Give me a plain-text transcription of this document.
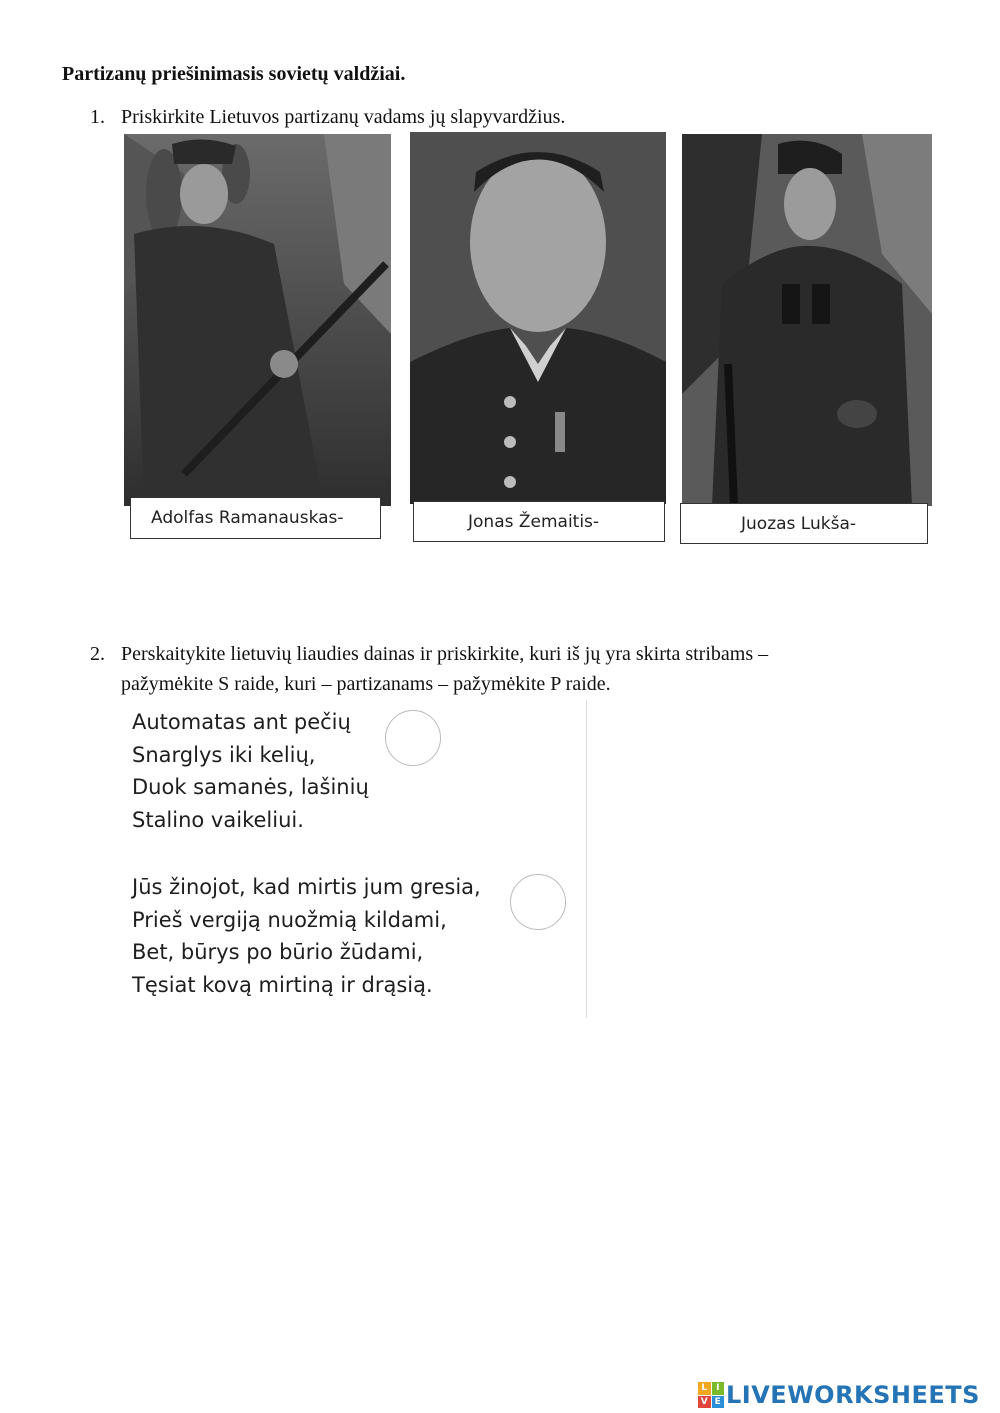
Partizanų priešinimasis sovietų valdžiai.
1. Priskirkite Lietuvos partizanų vadams jų slapyvardžius.
Adolfas Ramanauskas-	Jonas Žemaitis-	Juozas Lukša-
2. Perskaitykite lietuvių liaudies dainas ir priskirkite, kuri iš jų yra skirta stribams –
pažymėkite S raide, kuri – partizanams – pažymėkite P raide.
Automatas ant pečių
Snarglys iki kelių,
Duok samanės, lašinių
Stalino vaikeliui.
Jūs žinojot, kad mirtis jum gresia,
Prieš vergiją nuožmią kildami,
Bet, būrys po būrio žūdami,
Tęsiat kovą mirtiną ir drąsią.
L I
V E LIVEWORKSHEETS
